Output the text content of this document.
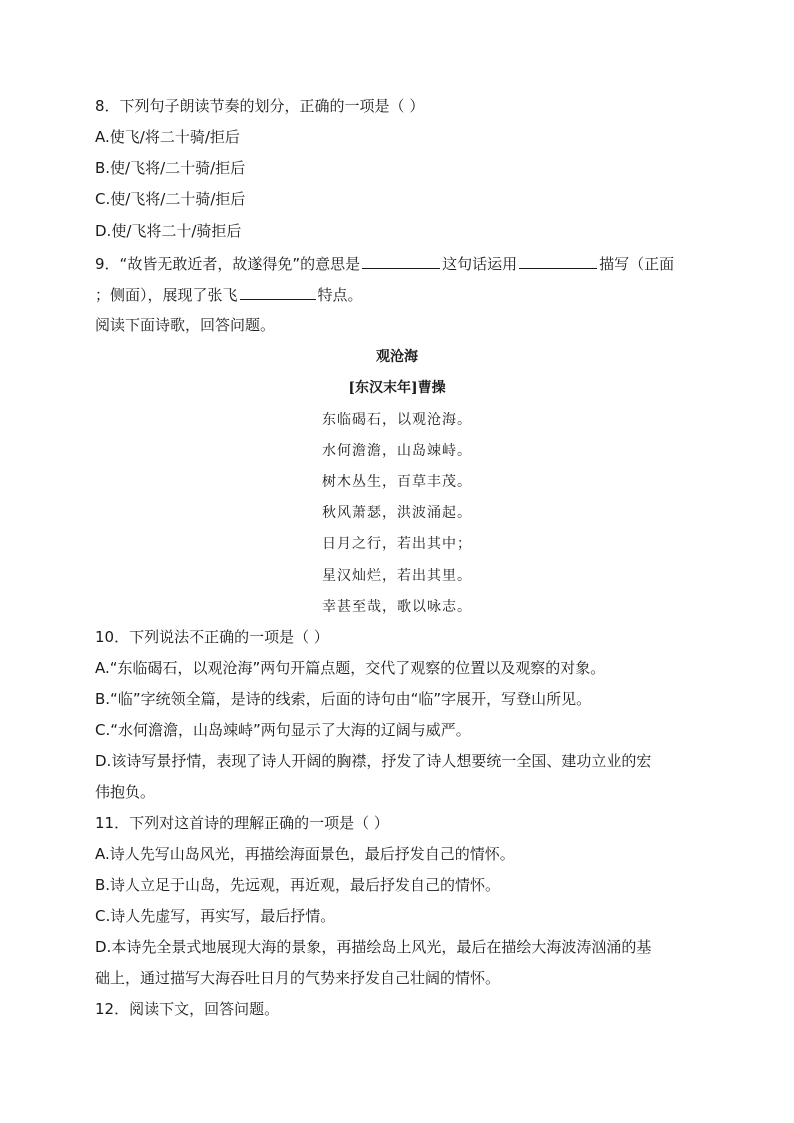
8．下列句子朗读节奏的划分，正确的一项是（ ）
A.使飞/将二十骑/拒后
B.使/飞将/二十骑/拒后
C.使/飞将/二十骑/拒后
D.使/飞将二十/骑拒后
9．“故皆无敢近者，故遂得免”的意思是	这句话运用	描写（正面
；侧面），展现了张飞	特点。
阅读下面诗歌，回答问题。
观沧海
[东汉末年]曹操
东临碣石，以观沧海。
水何澹澹，山岛竦峙。
树木丛生，百草丰茂。
秋风萧瑟，洪波涌起。
日月之行，若出其中；
星汉灿烂，若出其里。
幸甚至哉，歌以咏志。
10．下列说法不正确的一项是（ ）
A.“东临碣石，以观沧海”两句开篇点题，交代了观察的位置以及观察的对象。
B.“临”字统领全篇，是诗的线索，后面的诗句由“临”字展开，写登山所见。
C.“水何澹澹，山岛竦峙”两句显示了大海的辽阔与威严。
D.该诗写景抒情，表现了诗人开阔的胸襟，抒发了诗人想要统一全国、建功立业的宏
伟抱负。
11．下列对这首诗的理解正确的一项是（ ）
A.诗人先写山岛风光，再描绘海面景色，最后抒发自己的情怀。
B.诗人立足于山岛，先远观，再近观，最后抒发自己的情怀。
C.诗人先虚写，再实写，最后抒情。
D.本诗先全景式地展现大海的景象，再描绘岛上风光，最后在描绘大海波涛汹涌的基
础上，通过描写大海吞吐日月的气势来抒发自己壮阔的情怀。
12．阅读下文，回答问题。
